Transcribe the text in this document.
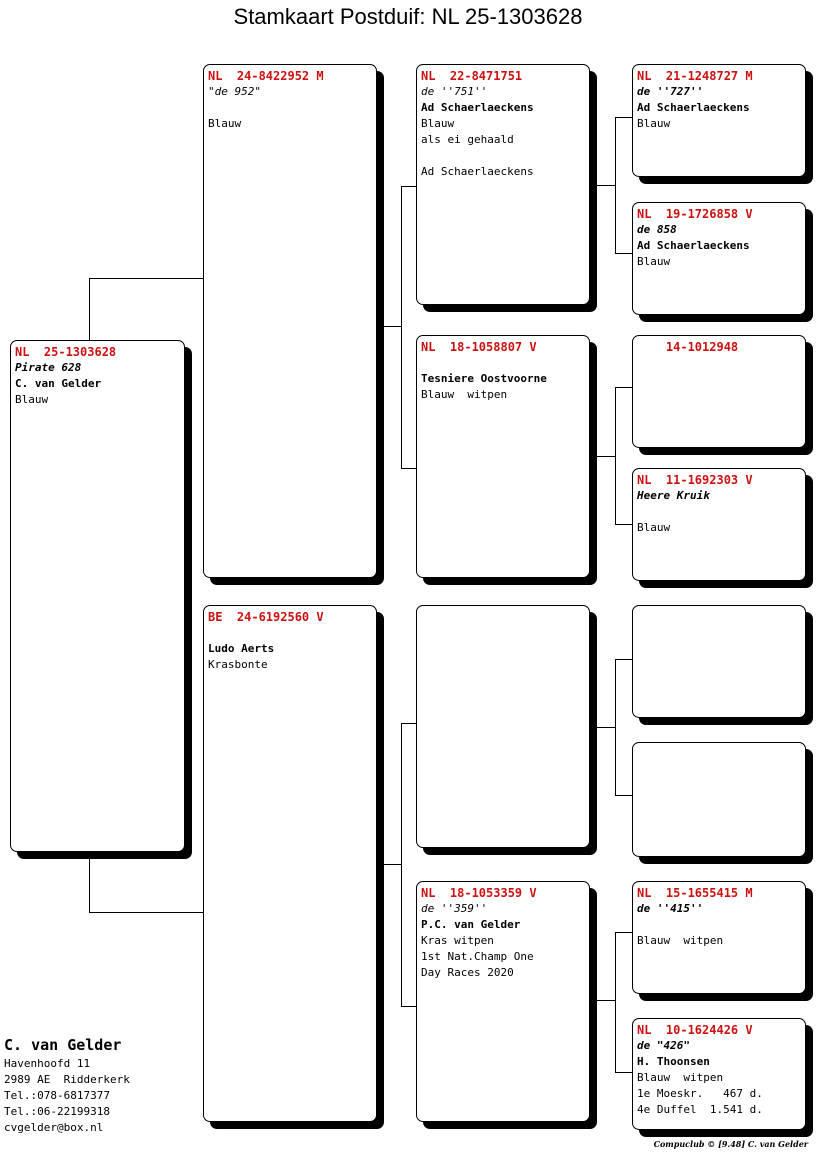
Stamkaart Postduif: NL 25-1303628
NL  25-1303628
Pirate 628
C. van Gelder
Blauw
NL  24-8422952 M
"de 952"
Blauw
BE  24-6192560 V
Ludo Aerts
Krasbonte
NL  22-8471751
de ''751''
Ad Schaerlaeckens
Blauw
als ei gehaald
Ad Schaerlaeckens
NL  18-1058807 V
Tesniere Oostvoorne
Blauw  witpen
NL  18-1053359 V
de ''359''
P.C. van Gelder
Kras witpen
1st Nat.Champ One
Day Races 2020
NL  21-1248727 M
de ''727''
Ad Schaerlaeckens
Blauw
NL  19-1726858 V
de 858
Ad Schaerlaeckens
Blauw
14-1012948
NL  11-1692303 V
Heere Kruik
Blauw
NL  15-1655415 M
de ''415''
Blauw  witpen
NL  10-1624426 V
de "426"
H. Thoonsen
Blauw  witpen
1e Moeskr.   467 d.
4e Duffel  1.541 d.
C. van Gelder
Havenhoofd 11
2989 AE  Ridderkerk
Tel.:078-6817377
Tel.:06-22199318
cvgelder@box.nl
Compuclub © [9.48] C. van Gelder
